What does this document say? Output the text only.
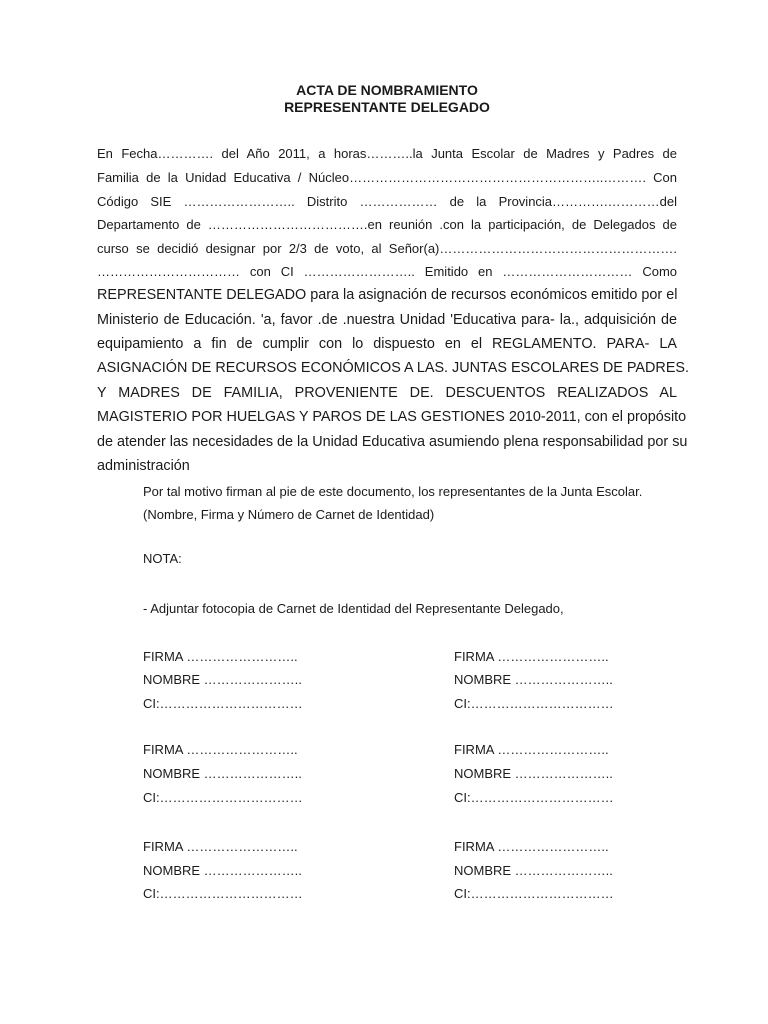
ACTA DE NOMBRAMIENTO
REPRESENTANTE DELEGADO
En Fecha…………. del Año 2011, a horas………..la Junta Escolar de Madres y Padres de
Familia de la Unidad Educativa / Núcleo…………………………………………………..………. Con
Código SIE …………………….. Distrito ……………… de la Provincia………….…………del
Departamento de ……………………………….en reunión .con la participación, de Delegados de
curso se decidió designar por 2/3 de voto, al Señor(a)……………………………………………….
…………………………… con CI …………………….. Emitido en ………………………… Como
REPRESENTANTE DELEGADO para la asignación de recursos económicos emitido por el
Ministerio de Educación. 'a, favor .de .nuestra Unidad 'Educativa para- la., adquisición de
equipamiento a fin de cumplir con lo dispuesto en el REGLAMENTO. PARA- LA
ASIGNACIÓN DE RECURSOS ECONÓMICOS A LAS. JUNTAS ESCOLARES DE PADRES.
Y MADRES DE FAMILIA, PROVENIENTE DE. DESCUENTOS REALIZADOS AL
MAGISTERIO POR HUELGAS Y PAROS DE LAS GESTIONES 2010-2011, con el propósito
de atender las necesidades de la Unidad Educativa asumiendo plena responsabilidad por su
administración
Por tal motivo firman al pie de este documento, los representantes de la Junta Escolar.
(Nombre, Firma y Número de Carnet de Identidad)
NOTA:
- Adjuntar fotocopia de Carnet de Identidad del Representante Delegado,
FIRMA ……………………..
NOMBRE …………………..
CI:……………………………
FIRMA ……………………..
NOMBRE …………………..
CI:……………………………
FIRMA ……………………..
NOMBRE …………………..
CI:……………………………
FIRMA ……………………..
NOMBRE …………………..
CI:……………………………
FIRMA ……………………..
NOMBRE …………………..
CI:……………………………
FIRMA ……………………..
NOMBRE …………………..
CI:……………………………
